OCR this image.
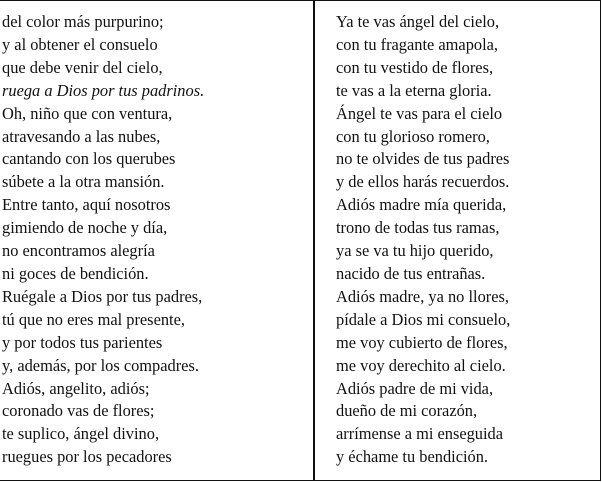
del color más purpurino;
y al obtener el consuelo
que debe venir del cielo,
ruega a Dios por tus padrinos.
Oh, niño que con ventura,
atravesando a las nubes,
cantando con los querubes
súbete a la otra mansión.
Entre tanto, aquí nosotros
gimiendo de noche y día,
no encontramos alegría
ni goces de bendición.
Ruégale a Dios por tus padres,
tú que no eres mal presente,
y por todos tus parientes
y, además, por los compadres.
Adiós, angelito, adiós;
coronado vas de flores;
te suplico, ángel divino,
ruegues por los pecadores
Ya te vas ángel del cielo,
con tu fragante amapola,
con tu vestido de flores,
te vas a la eterna gloria.
Ángel te vas para el cielo
con tu glorioso romero,
no te olvides de tus padres
y de ellos harás recuerdos.
Adiós madre mía querida,
trono de todas tus ramas,
ya se va tu hijo querido,
nacido de tus entrañas.
Adiós madre, ya no llores,
pídale a Dios mi consuelo,
me voy cubierto de flores,
me voy derechito al cielo.
Adiós padre de mi vida,
dueño de mi corazón,
arrímense a mi enseguida
y échame tu bendición.
